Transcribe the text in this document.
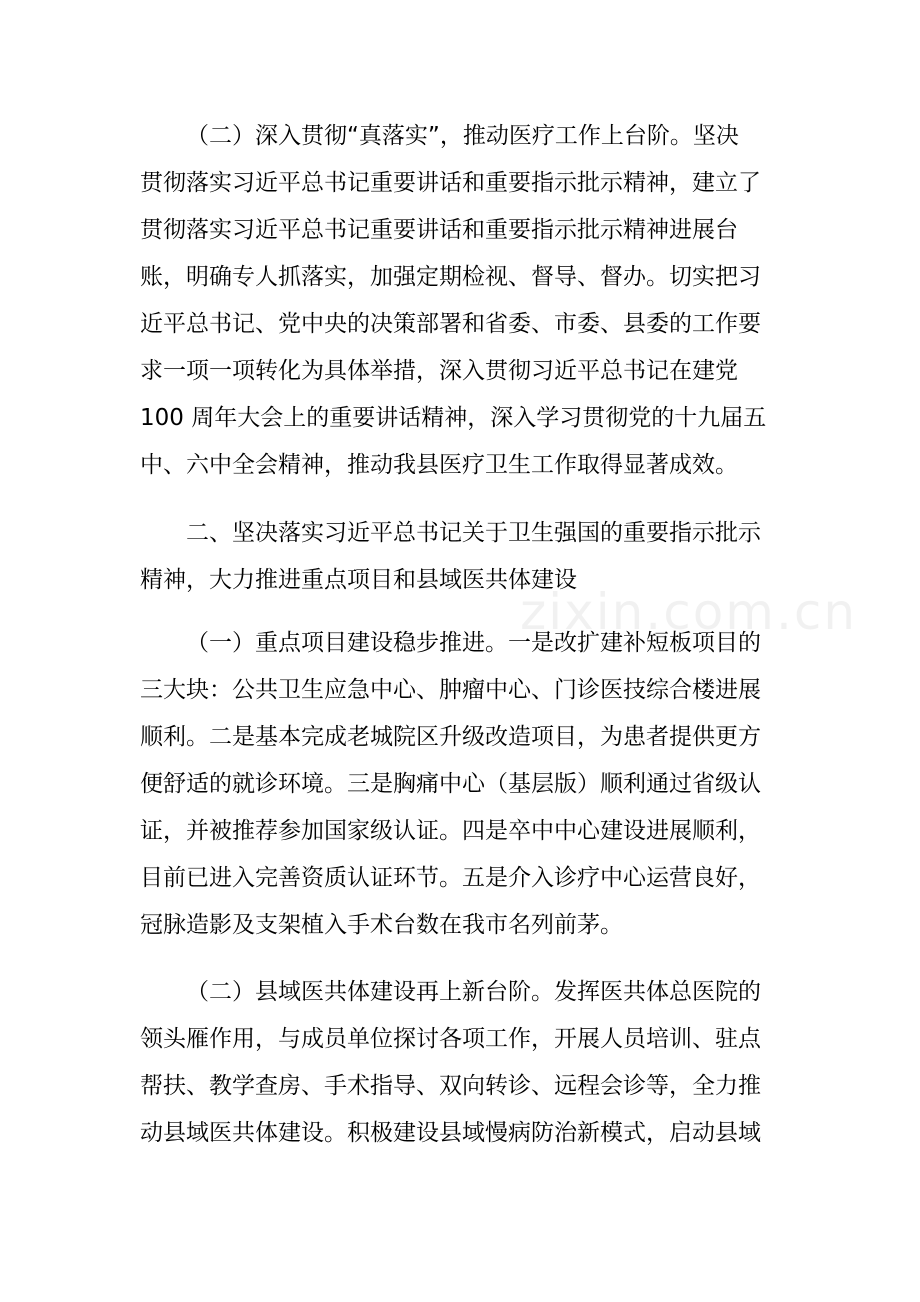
zixin.com.cn
（二）深入贯彻“真落实”，推动医疗工作上台阶。坚决
贯彻落实习近平总书记重要讲话和重要指示批示精神，建立了
贯彻落实习近平总书记重要讲话和重要指示批示精神进展台
账，明确专人抓落实，加强定期检视、督导、督办。切实把习
近平总书记、党中央的决策部署和省委、市委、县委的工作要
求一项一项转化为具体举措，深入贯彻习近平总书记在建党
100 周年大会上的重要讲话精神，深入学习贯彻党的十九届五
中、六中全会精神，推动我县医疗卫生工作取得显著成效。
二、坚决落实习近平总书记关于卫生强国的重要指示批示
精神，大力推进重点项目和县域医共体建设
（一）重点项目建设稳步推进。一是改扩建补短板项目的
三大块：公共卫生应急中心、肿瘤中心、门诊医技综合楼进展
顺利。二是基本完成老城院区升级改造项目，为患者提供更方
便舒适的就诊环境。三是胸痛中心（基层版）顺利通过省级认
证，并被推荐参加国家级认证。四是卒中中心建设进展顺利，
目前已进入完善资质认证环节。五是介入诊疗中心运营良好，
冠脉造影及支架植入手术台数在我市名列前茅。
（二）县域医共体建设再上新台阶。发挥医共体总医院的
领头雁作用，与成员单位探讨各项工作，开展人员培训、驻点
帮扶、教学查房、手术指导、双向转诊、远程会诊等，全力推
动县域医共体建设。积极建设县域慢病防治新模式，启动县域
